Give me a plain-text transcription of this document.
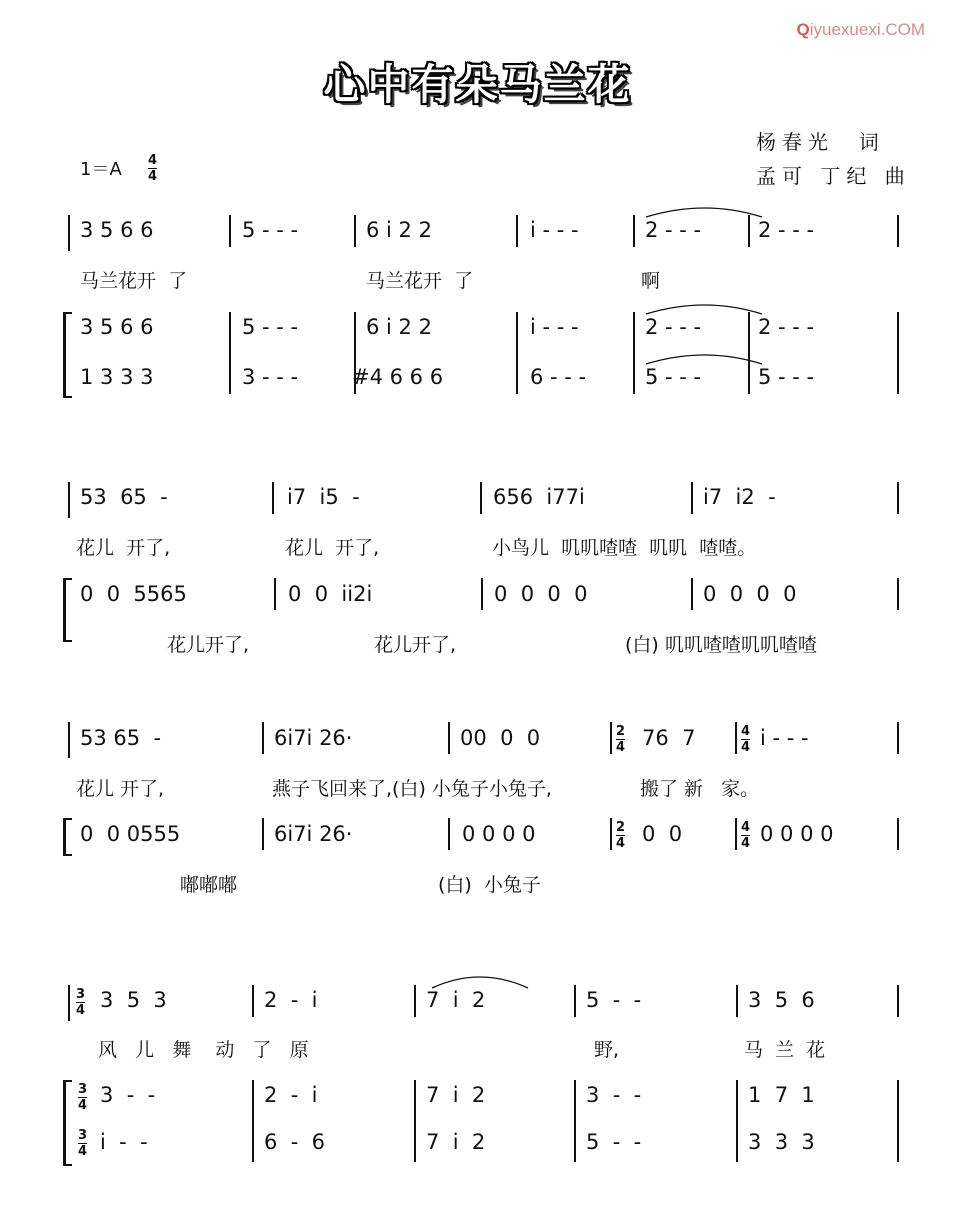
Qiyuexuexi.COM
心中有朵马兰花
杨春光  词
孟可 丁纪 曲
1＝A 4
4
3 5 6 6	5 - - -	6 i 2 2	i - - -	2 - - -	2 - - -
马兰花开  了	马兰花开  了	啊
3 5 6 6	5 - - -	6 i 2 2	i - - -	2 - - -	2 - - -
1 3 3 3	3 - - -	#4 6 6 6	6 - - -	5 - - -	5 - - -
53  65  -	i7  i5  -	656  i77i	i7  i2  -
花儿  开了,	花儿  开了,	小鸟儿  叽叽喳喳  叽叽  喳喳。
0  0  5565	0  0  ii2i	0  0  0  0	0  0  0  0
花儿开了,	花儿开了,	(白) 叽叽喳喳叽叽喳喳
53 65  -	6i7i 26·	00  0  0	2
4 76  7	4
4 i - - -
花儿 开了,	燕子飞回来了,(白) 小兔子小兔子,	搬了 新   家。
0  0 0555	6i7i 26·	0 0 0 0	2
4 0  0	4
4 0 0 0 0
嘟嘟嘟	(白)  小兔子
3
4 3  5  3	2  -  i	7  i  2	5  -  -	3  5  6
风   儿   舞    动   了   原	野,	马  兰  花
3
4 3  -  -	2  -  i	7  i  2	3  -  -	1  7  1
3
4 i  -  -	6  -  6	7  i  2	5  -  -	3  3  3
